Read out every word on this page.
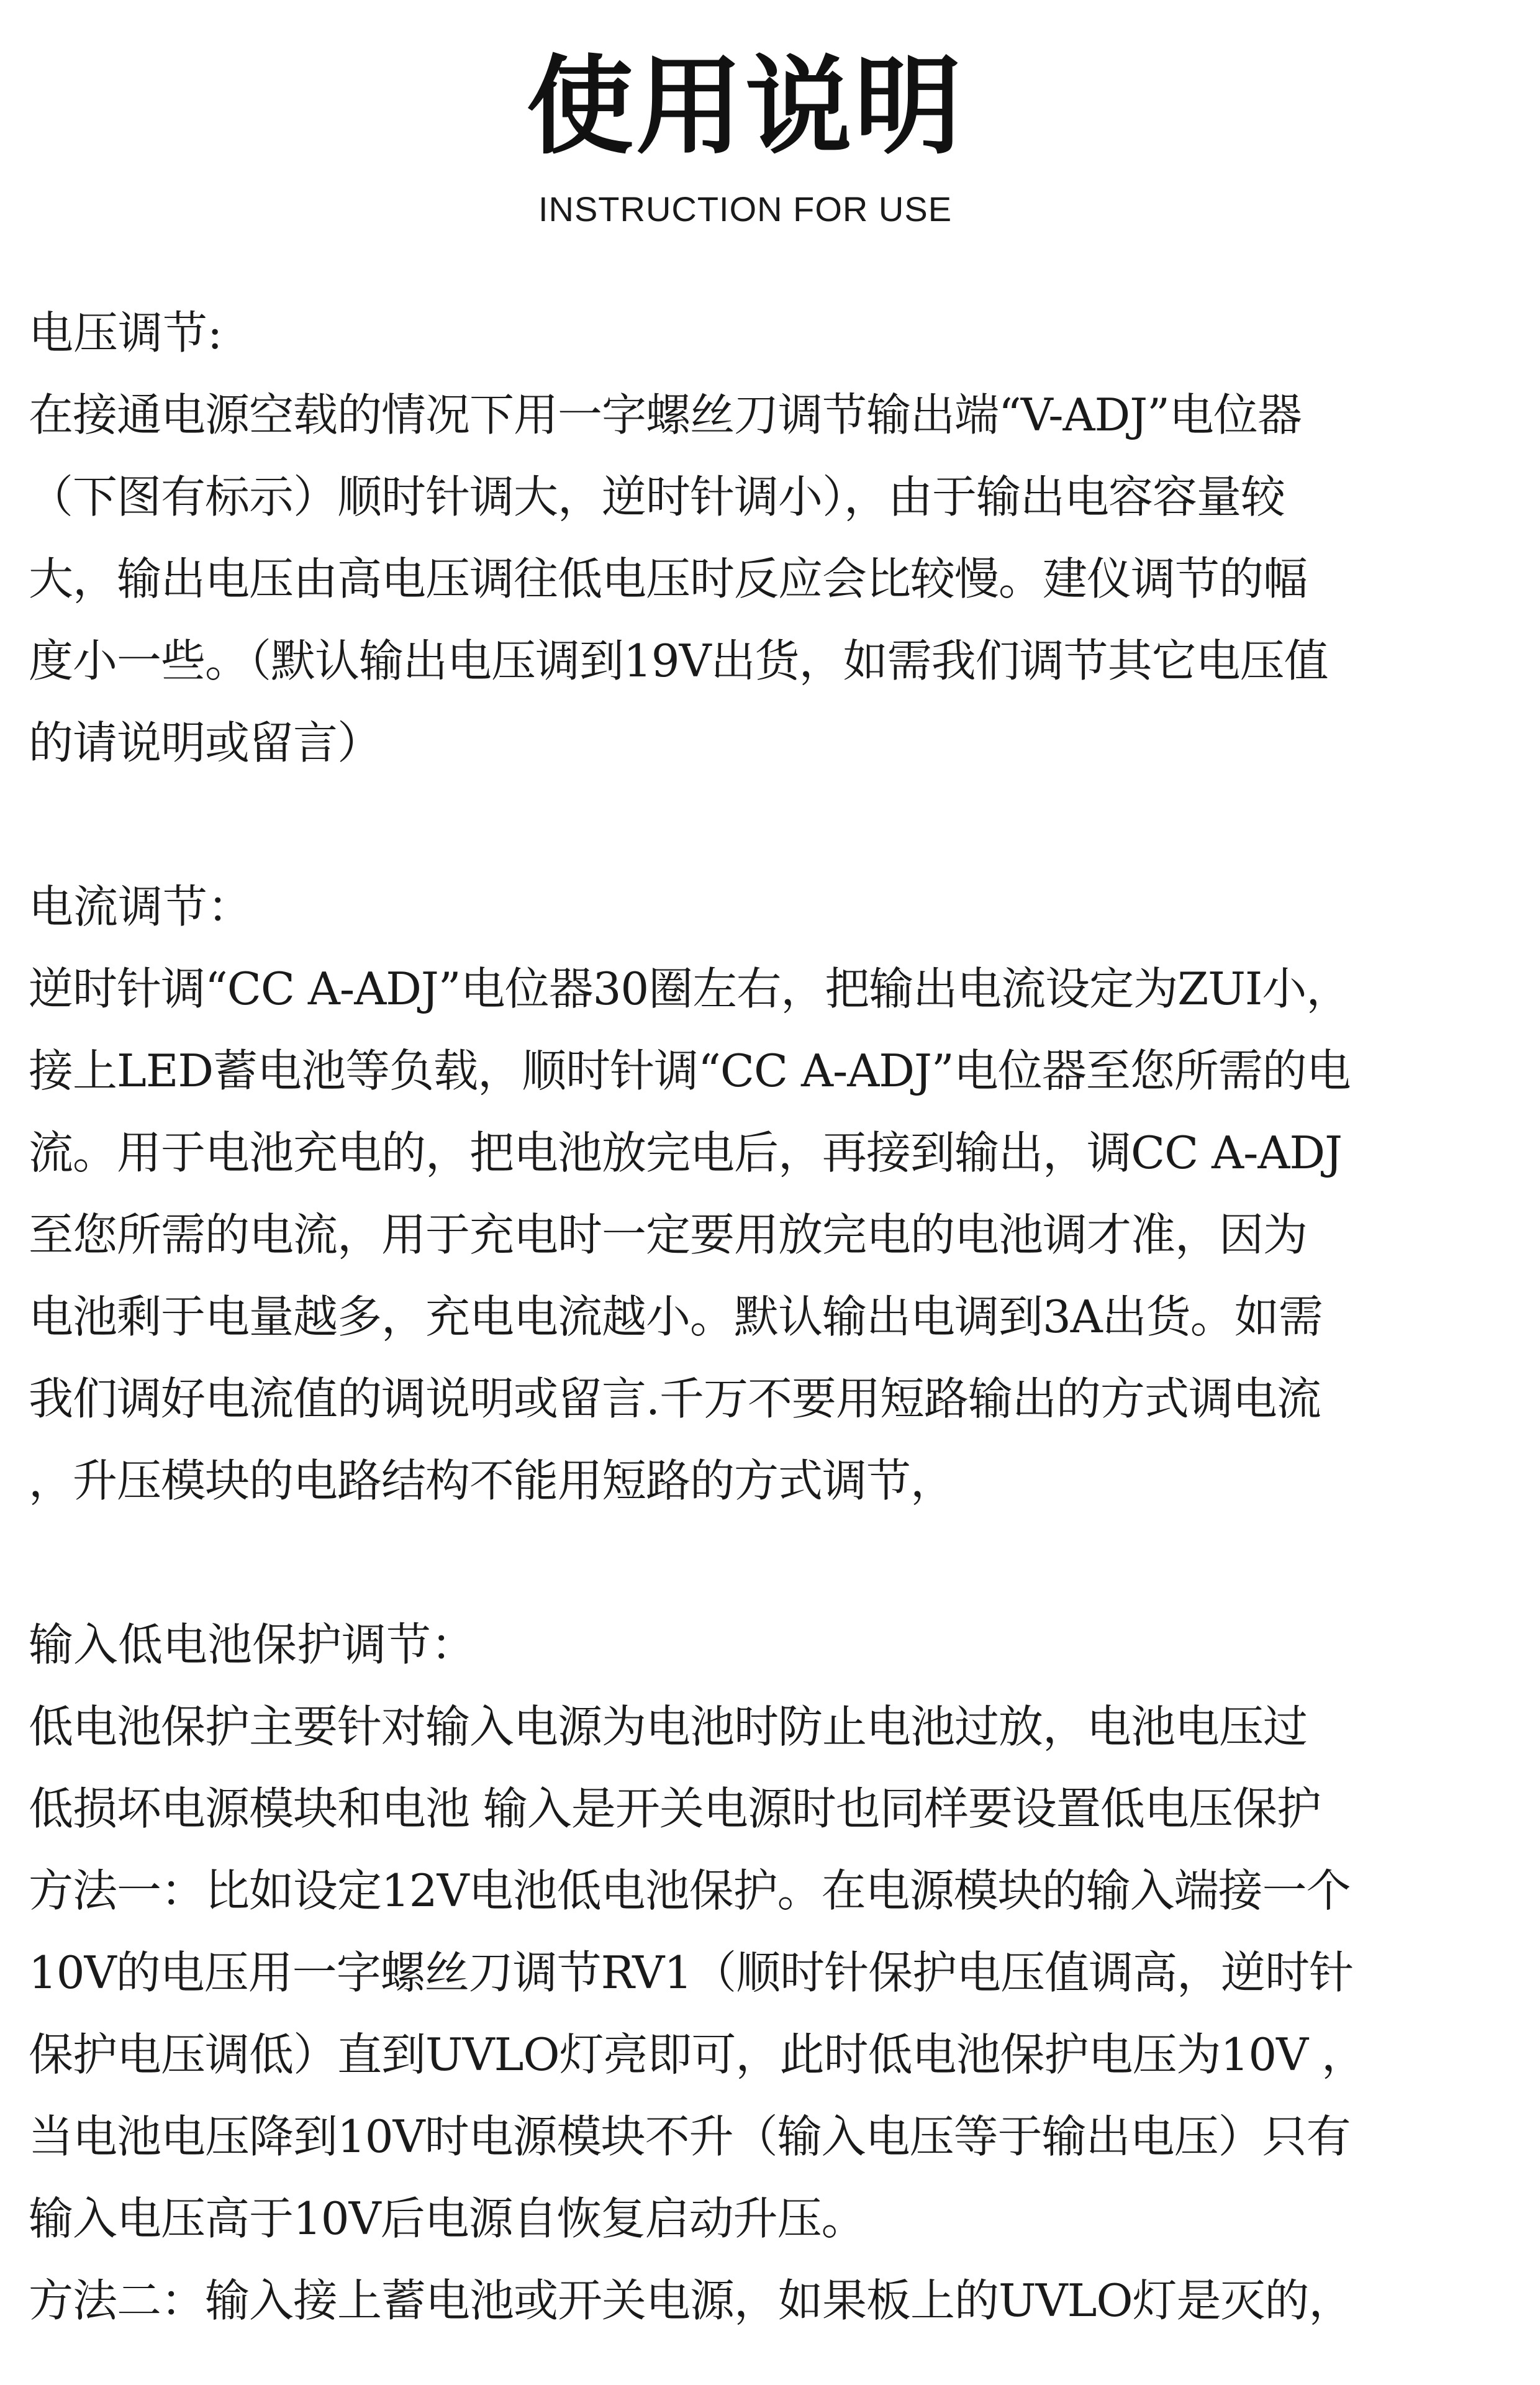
使用说明
INSTRUCTION FOR USE
电压调节:
在接通电源空载的情况下用一字螺丝刀调节输出端“V-ADJ”电位器
（下图有标示）顺时针调大，逆时针调小），由于输出电容容量较
大，输出电压由高电压调往低电压时反应会比较慢。建仪调节的幅
度小一些。（默认输出电压调到19V出货，如需我们调节其它电压值
的请说明或留言）
电流调节：
逆时针调“CC A-ADJ”电位器30圈左右，把输出电流设定为ZUI小，
接上LED蓄电池等负载，顺时针调“CC A-ADJ”电位器至您所需的电
流。用于电池充电的，把电池放完电后，再接到输出，调CC A-ADJ
至您所需的电流，用于充电时一定要用放完电的电池调才准，因为
电池剩于电量越多，充电电流越小。默认输出电调到3A出货。如需
我们调好电流值的调说明或留言.千万不要用短路输出的方式调电流
，升压模块的电路结构不能用短路的方式调节，
输入低电池保护调节：
低电池保护主要针对输入电源为电池时防止电池过放，电池电压过
低损坏电源模块和电池 输入是开关电源时也同样要设置低电压保护
方法一：比如设定12V电池低电池保护。在电源模块的输入端接一个
10V的电压用一字螺丝刀调节RV1（顺时针保护电压值调高，逆时针
保护电压调低）直到UVLO灯亮即可，此时低电池保护电压为10V ，
当电池电压降到10V时电源模块不升（输入电压等于输出电压）只有
输入电压高于10V后电源自恢复启动升压。
方法二：输入接上蓄电池或开关电源，如果板上的UVLO灯是灭的，
